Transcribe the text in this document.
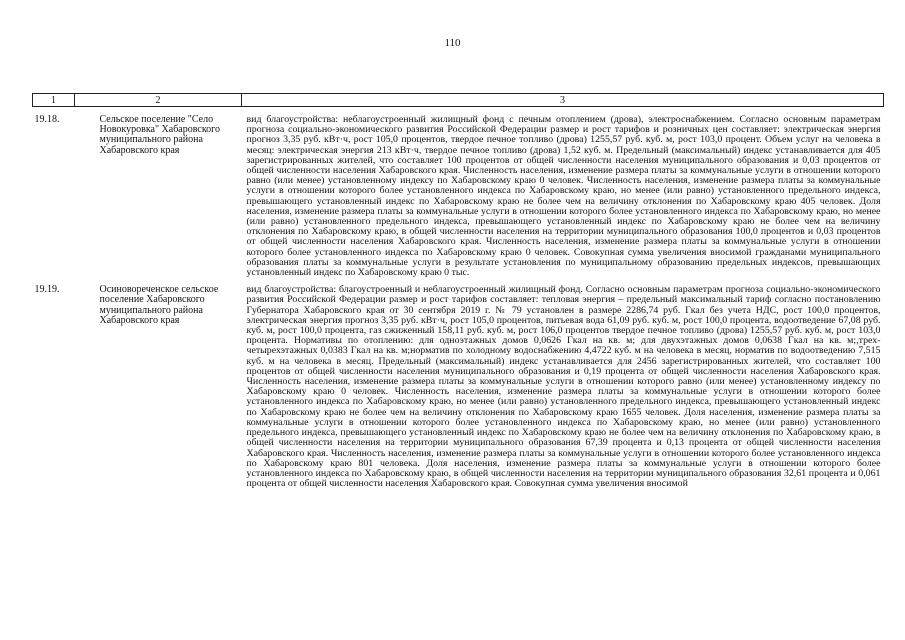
110
1	2	3
19.18.	Сельское поселение "Село Новокуровка" Хабаровского муниципального района Хабаровского края	вид благоустройства: неблагоустроенный жилищный фонд с печным отоплением (дрова), электроснабжением. Согласно основным параметрам прогноза социально-экономического развития Российской Федерации размер и рост тарифов и розничных цен составляет: электрическая энергия прогноз 3,35 руб. кВт·ч, рост 105,0 процентов, твердое печное топливо (дрова) 1255,57 руб. куб. м, рост 103,0 процент. Объем услуг на человека в месяц: электрическая энергия 213 кВт·ч, твердое печное топливо (дрова) 1,52 куб. м. Предельный (максимальный) индекс устанавливается для 405 зарегистрированных жителей, что составляет 100 процентов от общей численности населения муниципального образования и 0,03 процентов от общей численности населения Хабаровского края. Численность населения, изменение размера платы за коммунальные услуги в отношении которого равно (или менее) установленному индексу по Хабаровскому краю 0 человек. Численность населения, изменение размера платы за коммунальные услуги в отношении которого более установленного индекса по Хабаровскому краю, но менее (или равно) установленного предельного индекса, превышающего установленный индекс по Хабаровскому краю не более чем на величину отклонения по Хабаровскому краю 405 человек. Доля населения, изменение размера платы за коммунальные услуги в отношении которого более установленного индекса по Хабаровскому краю, но менее (или равно) установленного предельного индекса, превышающего установленный индекс по Хабаровскому краю не более чем на величину отклонения по Хабаровскому краю, в общей численности населения на территории муниципального образования 100,0 процентов и 0,03 процентов от общей численности населения Хабаровского края. Численность населения, изменение размера платы за коммунальные услуги в отношении которого более установленного индекса по Хабаровскому краю 0 человек. Совокупная сумма увеличения вносимой гражданами муниципального образования платы за коммунальные услуги в результате установления по муниципальному образованию предельных индексов, превышающих установленный индекс по Хабаровскому краю 0 тыс.
19.19.	Осиновореченское сельское поселение Хабаровского муниципального района Хабаровского края	вид благоустройства: благоустроенный и неблагоустроенный жилищный фонд. Согласно основным параметрам прогноза социально-экономического развития Российской Федерации размер и рост тарифов составляет: тепловая энергия – предельный максимальный тариф согласно постановлению Губернатора Хабаровского края от 30 сентября 2019 г. № 79 установлен в размере 2286,74 руб. Гкал без учета НДС, рост 100,0 процентов, электрическая энергия прогноз 3,35 руб. кВт·ч, рост 105,0 процентов, питьевая вода 61,09 руб. куб. м, рост 100,0 процента, водоотведение 67,08 руб. куб. м, рост 100,0 процента, газ сжиженный 158,11 руб. куб. м, рост 106,0 процентов твердое печное топливо (дрова) 1255,57 руб. куб. м, рост 103,0 процента. Нормативы по отоплению: для одноэтажных домов 0,0626 Гкал на кв. м; для двухэтажных домов 0,0638 Гкал на кв. м;,трех-четырехэтажных 0,0383 Гкал на кв. м;норматив по холодному водоснабжению 4,4722 куб. м на человека в месяц, норматив по водоотведению 7,515 куб. м на человека в месяц. Предельный (максимальный) индекс устанавливается для 2456 зарегистрированных жителей, что составляет 100 процентов от общей численности населения муниципального образования и 0,19 процента от общей численности населения Хабаровского края. Численность населения, изменение размера платы за коммунальные услуги в отношении которого равно (или менее) установленному индексу по Хабаровскому краю 0 человек. Численность населения, изменение размера платы за коммунальные услуги в отношении которого более установленного индекса по Хабаровскому краю, но менее (или равно) установленного предельного индекса, превышающего установленный индекс по Хабаровскому краю не более чем на величину отклонения по Хабаровскому краю 1655 человек. Доля населения, изменение размера платы за коммунальные услуги в отношении которого более установленного индекса по Хабаровскому краю, но менее (или равно) установленного предельного индекса, превышающего установленный индекс по Хабаровскому краю не более чем на величину отклонения по Хабаровскому краю, в общей численности населения на территории муниципального образования 67,39 процента и 0,13 процента от общей численности населения Хабаровского края. Численность населения, изменение размера платы за коммунальные услуги в отношении которого более установленного индекса по Хабаровскому краю 801 человека. Доля населения, изменение размера платы за коммунальные услуги в отношении которого более установленного индекса по Хабаровскому краю, в общей численности населения на территории муниципального образования 32,61 процента и 0,061 процента от общей численности населения Хабаровского края. Совокупная сумма увеличения вносимой
